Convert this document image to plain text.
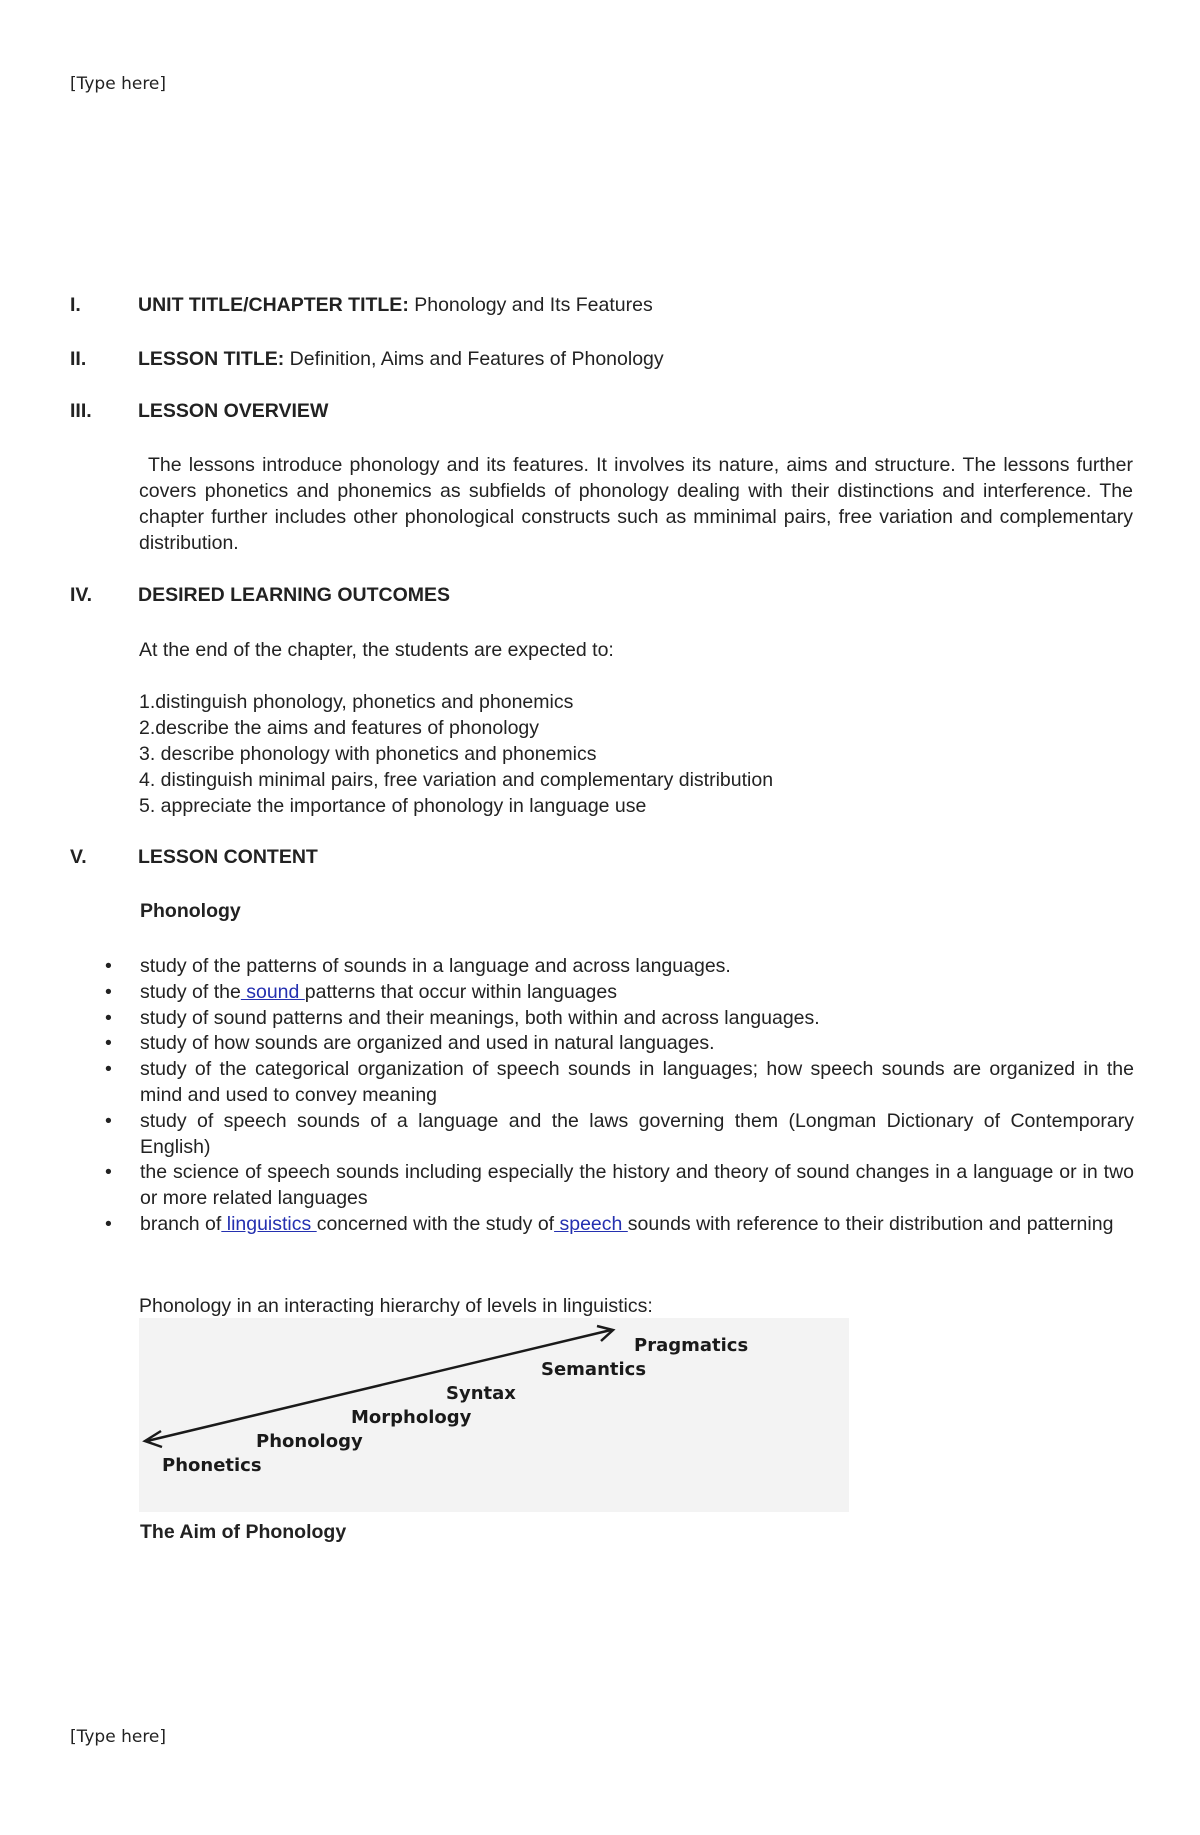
[Type here]
I.	UNIT TITLE/CHAPTER TITLE: Phonology and Its Features
II.	LESSON TITLE: Definition, Aims and Features of Phonology
III.	LESSON OVERVIEW
The lessons introduce phonology and its features. It involves its nature, aims and structure. The lessons further covers phonetics and phonemics as subfields of phonology dealing with their distinctions and interference. The chapter further includes other phonological constructs such as mminimal pairs, free variation and complementary distribution.
IV.	DESIRED LEARNING OUTCOMES
At the end of the chapter, the students are expected to:
1.distinguish phonology, phonetics and phonemics
2.describe the aims and features of phonology
3. describe phonology with phonetics and phonemics
4. distinguish minimal pairs, free variation and complementary distribution
5. appreciate the importance of phonology in language use
V.	LESSON CONTENT
Phonology
• study of the patterns of sounds in a language and across languages.
• study of the sound patterns that occur within languages
• study of sound patterns and their meanings, both within and across languages.
• study of how sounds are organized and used in natural languages.
• study of the categorical organization of speech sounds in languages; how speech sounds are organized in the mind and used to convey meaning
• study of speech sounds of a language and the laws governing them (Longman Dictionary of Contemporary English)
• the science of speech sounds including especially the history and theory of sound changes in a language or in two or more related languages
• branch of linguistics concerned with the study of speech sounds with reference to their distribution and patterning
Phonology in an interacting hierarchy of levels in linguistics:
Phonetics
Phonology
Morphology
Syntax
Semantics
Pragmatics
The Aim of Phonology
[Type here]
